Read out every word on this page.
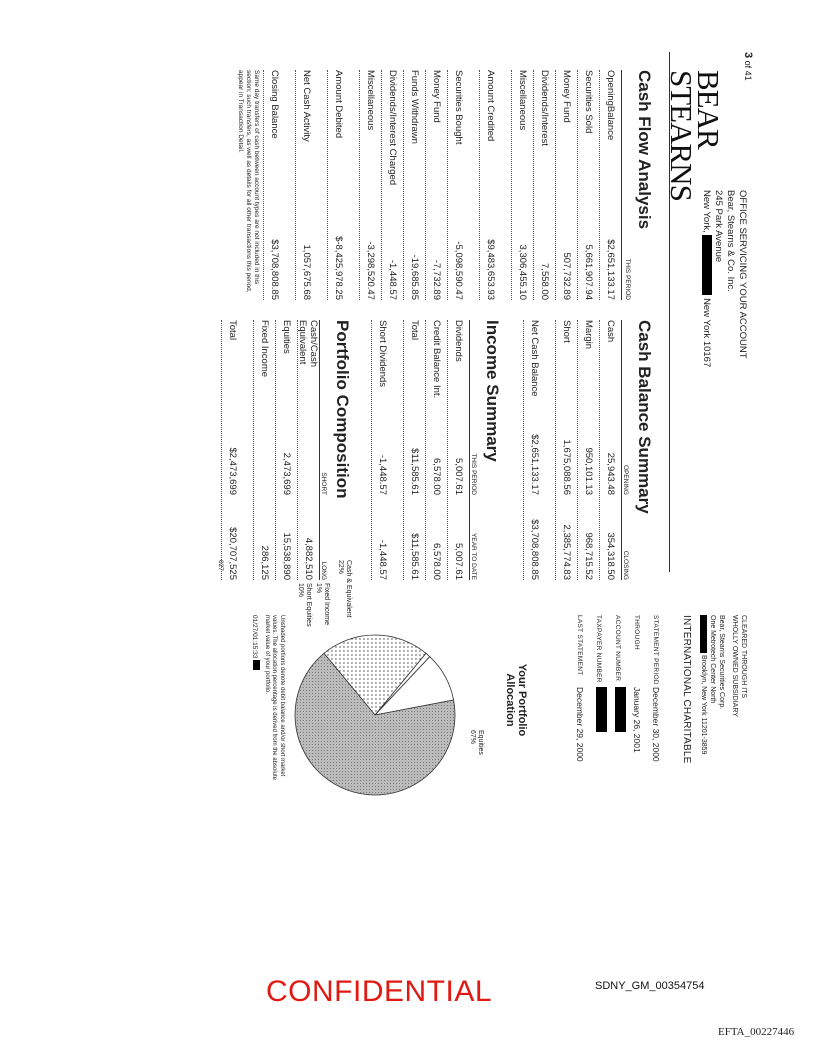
3 of 41
BEAR
STEARNS
OFFICE SERVICING YOUR ACCOUNT
Bear, Stearns & Co. Inc.
245 Park Avenue
New York,  New York 10167
CLEARED THROUGH ITS
WHOLLY OWNED SUBSIDIARY
Bear, Stearns Securities Corp.
One Metrotech Center North
Brooklyn, New York 11201-3859
INTERNATIONAL CHARITABLE
STATEMENT PERIOD
December 30, 2000
THROUGH
January 26, 2001
ACCOUNT NUMBER
TAXPAYER NUMBER
LAST STATEMENT
December 29, 2000
Cash Flow Analysis
THIS PERIOD
OpeningBalance
$2,651,133.17
Securities Sold
5,661,907.94
Money Fund
507,732.89
Dividends/Interest
7,558.00
Miscellaneous
3,306,455.10
Amount Credited
$9,483,653.93
Securities Bought
-5,098,590.47
Money Fund
-7,732.89
Funds Withdrawn
-19,685.85
Dividends/Interest Charged
-1,448.57
Miscellaneous
-3,298,520.47
Amount Debited
$-8,425,978.25
Net Cash Activity
1,057,675.68
Closing Balance
$3,708,808.85
Same day transfers of cash between account types are not included in this section; such transfers, as well as details for all other transactions this period, appear in Transaction Detail.
Cash Balance Summary
OPENING
CLOSING
Cash
25,943.48
354,318.50
Margin
950,101.13
968,715.52
Short
1,675,088.56
2,385,774.83
Net Cash Balance
$2,651,133.17
$3,708,808.85
Income Summary
THIS PERIOD
YEAR TO DATE
Dividends
5,007.61
5,007.61
Credit Balance Int.
6,578.00
6,578.00
Total
$11,585.61
$11,585.61
Short Dividends
-1,448.57
-1,448.57
Portfolio Composition
SHORT
LONG
Cash/Cash Equivalent
4,882,510
Equities
2,473,699
15,538,890
Fixed Income
286,125
Total
$2,473,699
$20,707,525
Your Portfolio
Allocation
Equities
67%
Cash & Equivalent
22%
Fixed Income
1%
Short Equities
10%
Unshaded portions denote debit balance and/or short market values. The allocation percentage is derived from the absolute market value of your portfolio.
01/27/01:15:33
027
CONFIDENTIAL	SDNY_GM_00354754
EFTA_00227446
